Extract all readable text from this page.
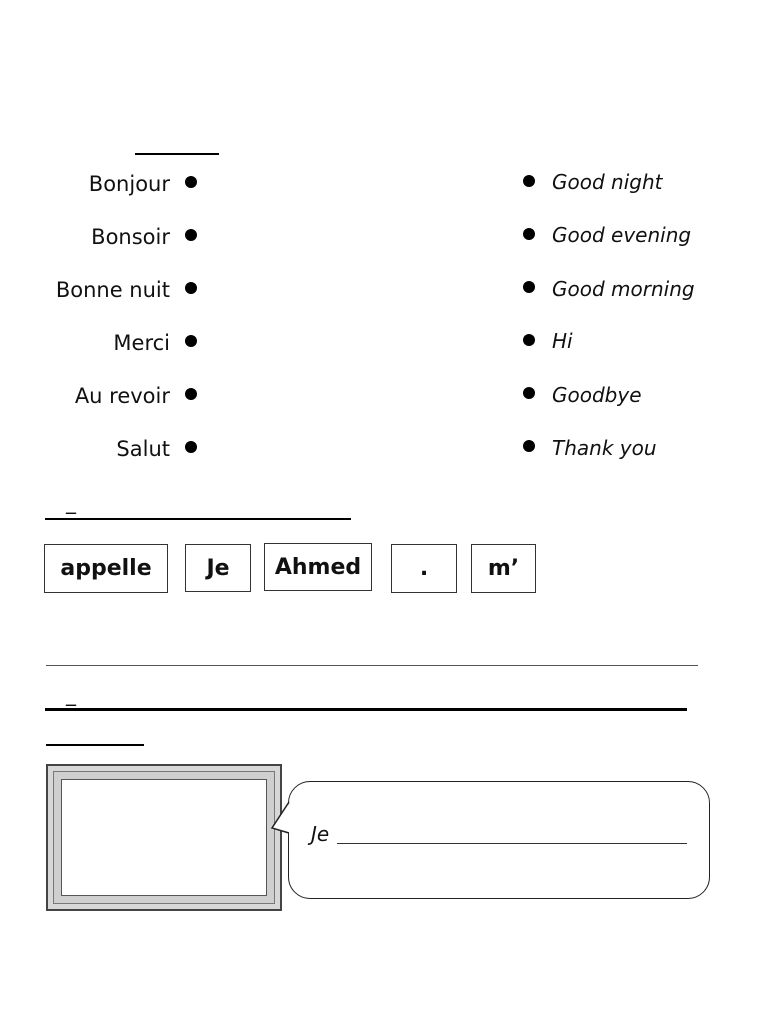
Bonjour
Bonsoir
Bonne nuit
Merci
Au revoir
Salut
Good night
Good evening
Good morning
Hi
Goodbye
Thank you
_
appelle	Je	Ahmed	.	m’
_
Je
